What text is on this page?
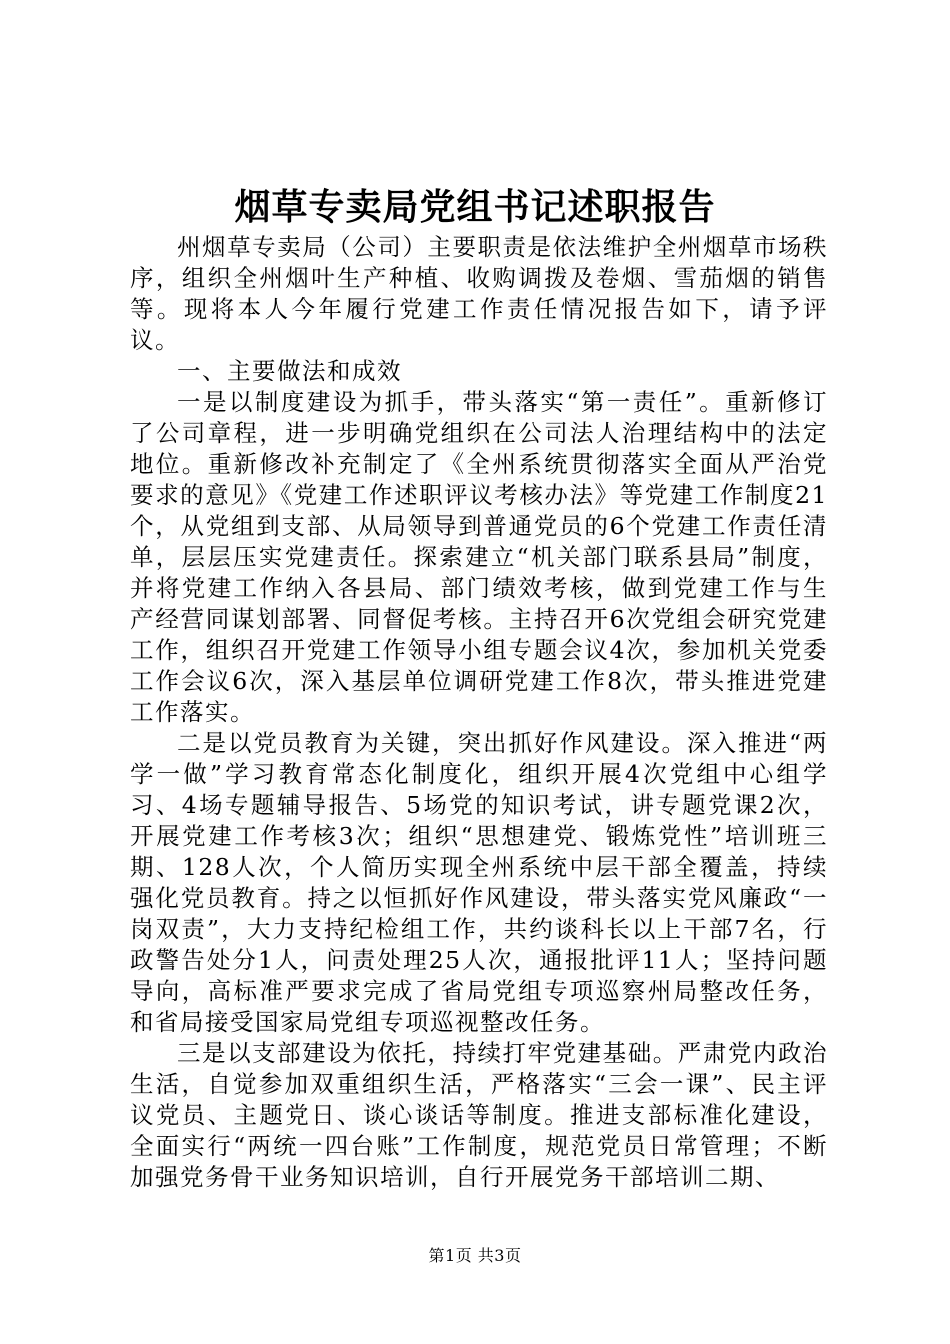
烟草专卖局党组书记述职报告

州烟草专卖局（公司）主要职责是依法维护全州烟草市场秩序，组织全州烟叶生产种植、收购调拨及卷烟、雪茄烟的销售等。现将本人今年履行党建工作责任情况报告如下，请予评议。

一、主要做法和成效

一是以制度建设为抓手，带头落实“第一责任”。重新修订了公司章程，进一步明确党组织在公司法人治理结构中的法定地位。重新修改补充制定了《全州系统贯彻落实全面从严治党要求的意见》《党建工作述职评议考核办法》等党建工作制度21个，从党组到支部、从局领导到普通党员的6个党建工作责任清单，层层压实党建责任。探索建立“机关部门联系县局”制度，并将党建工作纳入各县局、部门绩效考核，做到党建工作与生产经营同谋划部署、同督促考核。主持召开6次党组会研究党建工作，组织召开党建工作领导小组专题会议4次，参加机关党委工作会议6次，深入基层单位调研党建工作8次，带头推进党建工作落实。

二是以党员教育为关键，突出抓好作风建设。深入推进“两学一做”学习教育常态化制度化，组织开展4次党组中心组学习、4场专题辅导报告、5场党的知识考试，讲专题党课2次，开展党建工作考核3次；组织“思想建党、锻炼党性”培训班三期、128人次，个人简历实现全州系统中层干部全覆盖，持续强化党员教育。持之以恒抓好作风建设，带头落实党风廉政“一岗双责”，大力支持纪检组工作，共约谈科长以上干部7名，行政警告处分1人，问责处理25人次，通报批评11人；坚持问题导向，高标准严要求完成了省局党组专项巡察州局整改任务，和省局接受国家局党组专项巡视整改任务。

三是以支部建设为依托，持续打牢党建基础。严肃党内政治生活，自觉参加双重组织生活，严格落实“三会一课”、民主评议党员、主题党日、谈心谈话等制度。推进支部标准化建设，全面实行“两统一四台账”工作制度，规范党员日常管理；不断加强党务骨干业务知识培训，自行开展党务干部培训二期、

第1页 共3页
